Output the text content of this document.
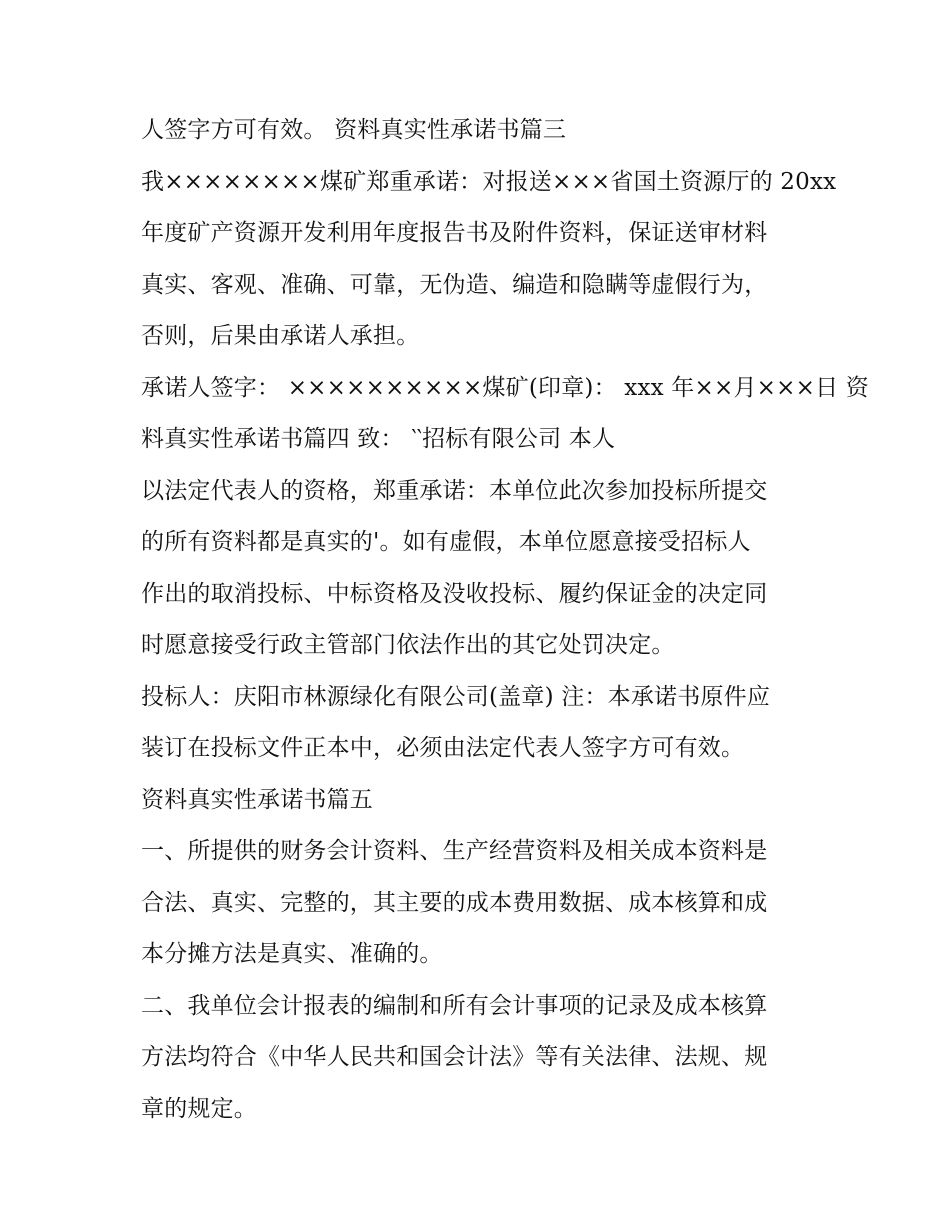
人签字方可有效。 资料真实性承诺书篇三
我××××××××煤矿郑重承诺：对报送×××省国土资源厅的 20xx
年度矿产资源开发利用年度报告书及附件资料，保证送审材料
真实、客观、准确、可靠，无伪造、编造和隐瞒等虚假行为，
否则，后果由承诺人承担。
承诺人签字： ××××××××××煤矿(印章)： xxx 年××月×××日 资
料真实性承诺书篇四 致： ‵‵招标有限公司 本人
以法定代表人的资格，郑重承诺：本单位此次参加投标所提交
的所有资料都是真实的'。如有虚假，本单位愿意接受招标人
作出的取消投标、中标资格及没收投标、履约保证金的决定同
时愿意接受行政主管部门依法作出的其它处罚决定。
投标人：庆阳市林源绿化有限公司(盖章) 注：本承诺书原件应
装订在投标文件正本中，必须由法定代表人签字方可有效。
资料真实性承诺书篇五
一、所提供的财务会计资料、生产经营资料及相关成本资料是
合法、真实、完整的，其主要的成本费用数据、成本核算和成
本分摊方法是真实、准确的。
二、我单位会计报表的编制和所有会计事项的记录及成本核算
方法均符合《中华人民共和国会计法》等有关法律、法规、规
章的规定。
